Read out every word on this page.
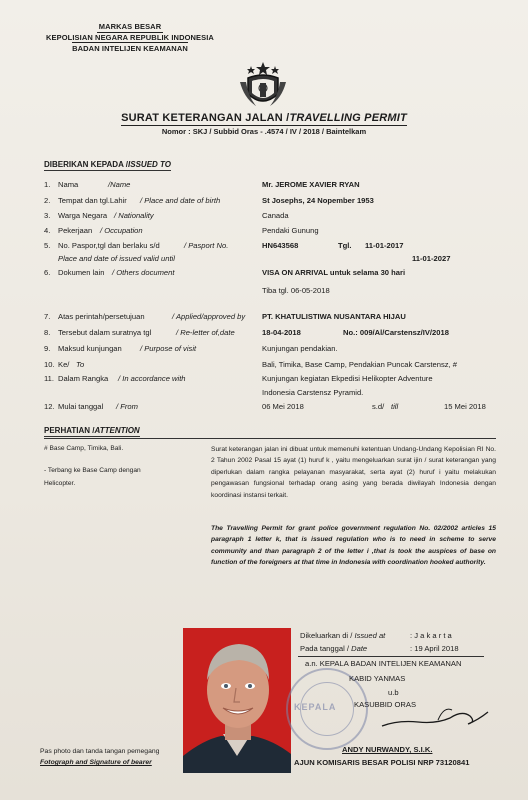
MARKAS BESAR
KEPOLISIAN NEGARA REPUBLIK INDONESIA
BADAN INTELIJEN KEAMANAN
SURAT KETERANGAN JALAN /TRAVELLING PERMIT
Nomor : SKJ / Subbid Oras - .4574 / IV / 2018 / Baintelkam
DIBERIKAN KEPADA /ISSUED TO
1. Nama	/Name	Mr. JEROME XAVIER RYAN
2. Tempat dan tgl.Lahir / Place and date of birth	St Josephs, 24 Nopember 1953
3. Warga Negara / Nationality	Canada
4. Pekerjaan / Occupation	Pendaki Gunung
5. No. Paspor,tgl dan berlaku s/d	/ Pasport No.	HN643568	Tgl. 11-01-2017
Place and date of issued valid until	11-01-2027
6. Dokumen lain / Others document	VISA ON ARRIVAL untuk selama 30 hari
Tiba tgl. 06-05-2018
7. Atas perintah/persetujuan	/ Applied/approved by PT. KHATULISTIWA NUSANTARA HIJAU
8. Tersebut dalam suratnya tgl	/ Re-letter of,date	18-04-2018	No.: 009/Al/Carstensz/IV/2018
9. Maksud kunjungan / Purpose of visit	Kunjungan pendakian.
10. Ke/ To	Bali, Timika, Base Camp, Pendakian Puncak Carstensz, #
11. Dalam Rangka / In accordance with	Kunjungan kegiatan Ekpedisi Helikopter Adventure
Indonesia Carstensz Pyramid.
12. Mulai tanggal / From	06 Mei 2018	s.d/ till	15 Mei 2018
PERHATIAN /ATTENTION
# Base Camp, Timika, Bali.
- Terbang ke Base Camp dengan
Helicopter.
Surat keterangan jalan ini dibuat untuk memenuhi ketentuan Undang-Undang Kepolisian RI No. 2 Tahun 2002 Pasal 15 ayat (1) huruf k , yaitu mengeluarkan surat ijin / surat keterangan yang diperlukan dalam rangka pelayanan masyarakat, serta ayat (2) huruf i yaitu melakukan pengawasan fungsional terhadap orang asing yang berada diwilayah Indonesia dengan koordinasi instansi terkait.
The Travelling Permit for grant police government regulation No. 02/2002 articles 15 paragraph 1 letter k, that is issued regulation who is to need in scheme to serve community and than paragraph 2 of the letter i ,that is took the auspices of base on function of the foreigners at that time in Indonesia with coordination hooked authority.
KEPALA
Dikeluarkan di / Issued at	: J a k a r t a
Pada tanggal / Date	: 19 April 2018
a.n. KEPALA BADAN INTELIJEN KEAMANAN
KABID YANMAS
u.b
KASUBBID ORAS
ANDY NURWANDY, S.I.K.
AJUN KOMISARIS BESAR POLISI NRP 73120841
Pas photo dan tanda tangan pemegang
Fotograph and Signature of bearer
